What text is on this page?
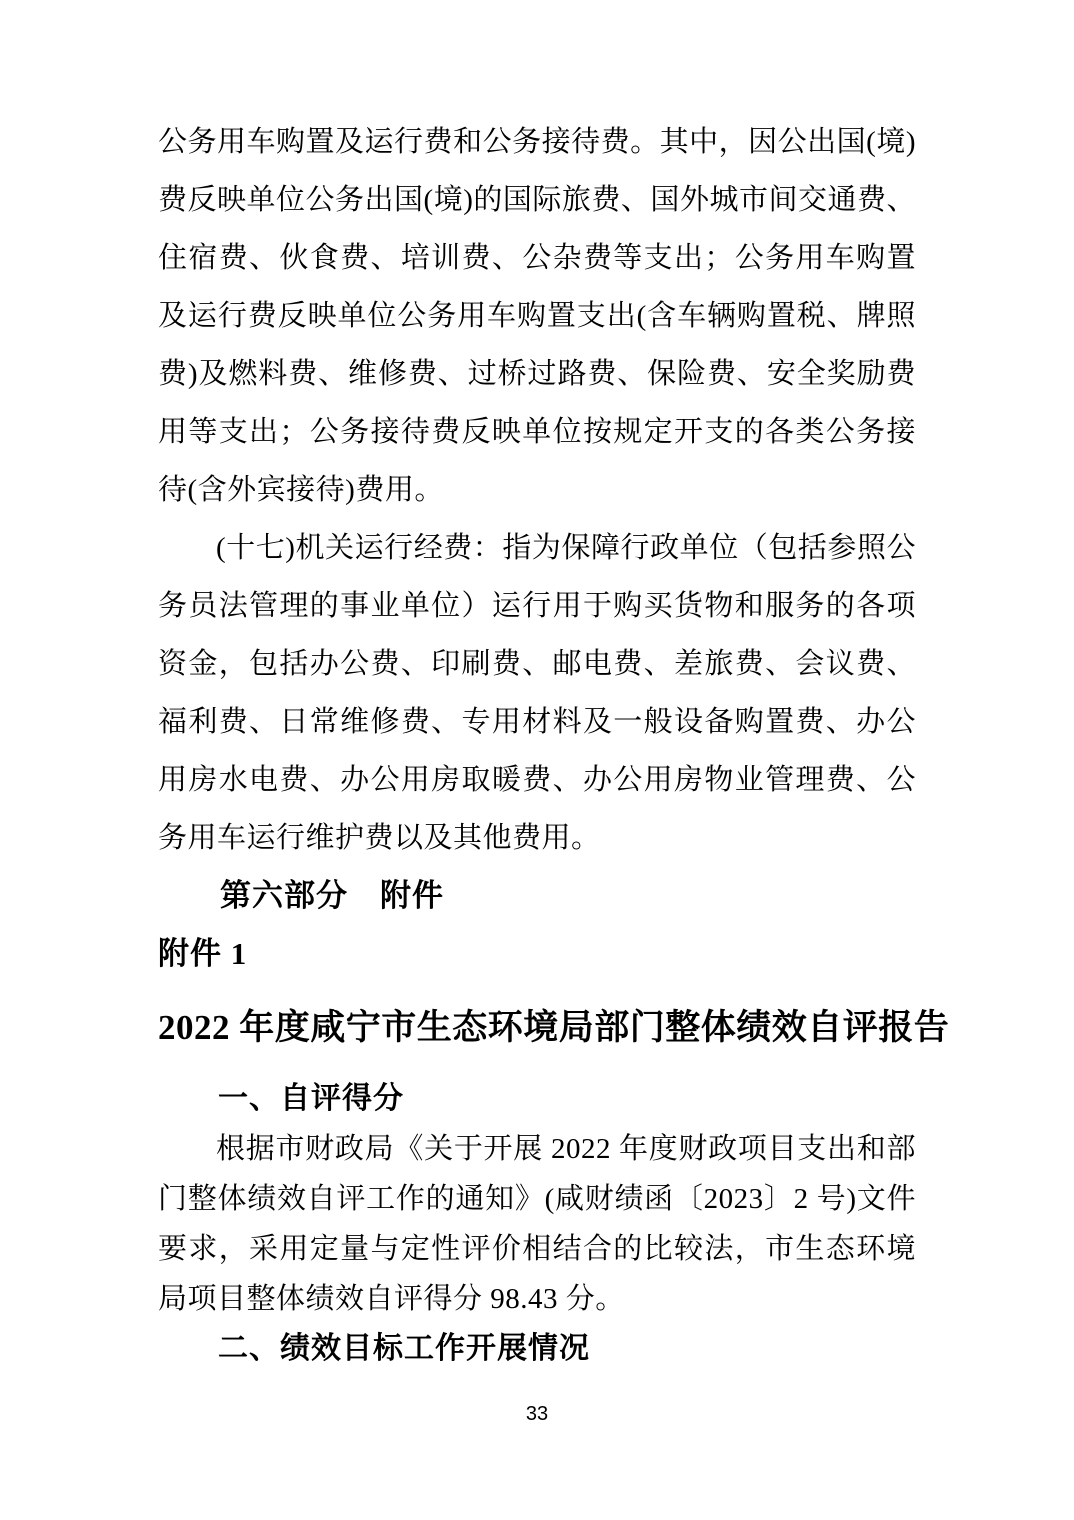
公务用车购置及运行费和公务接待费。其中，因公出国(境)费反映单位公务出国(境)的国际旅费、国外城市间交通费、住宿费、伙食费、培训费、公杂费等支出；公务用车购置及运行费反映单位公务用车购置支出(含车辆购置税、牌照费)及燃料费、维修费、过桥过路费、保险费、安全奖励费用等支出；公务接待费反映单位按规定开支的各类公务接待(含外宾接待)费用。

(十七)机关运行经费：指为保障行政单位（包括参照公务员法管理的事业单位）运行用于购买货物和服务的各项资金，包括办公费、印刷费、邮电费、差旅费、会议费、福利费、日常维修费、专用材料及一般设备购置费、办公用房水电费、办公用房取暖费、办公用房物业管理费、公务用车运行维护费以及其他费用。

第六部分　附件
附件 1
2022 年度咸宁市生态环境局部门整体绩效自评报告
一、自评得分

根据市财政局《关于开展 2022 年度财政项目支出和部门整体绩效自评工作的通知》(咸财绩函〔2023〕2 号)文件要求，采用定量与定性评价相结合的比较法，市生态环境局项目整体绩效自评得分 98.43 分。

二、绩效目标工作开展情况
33
